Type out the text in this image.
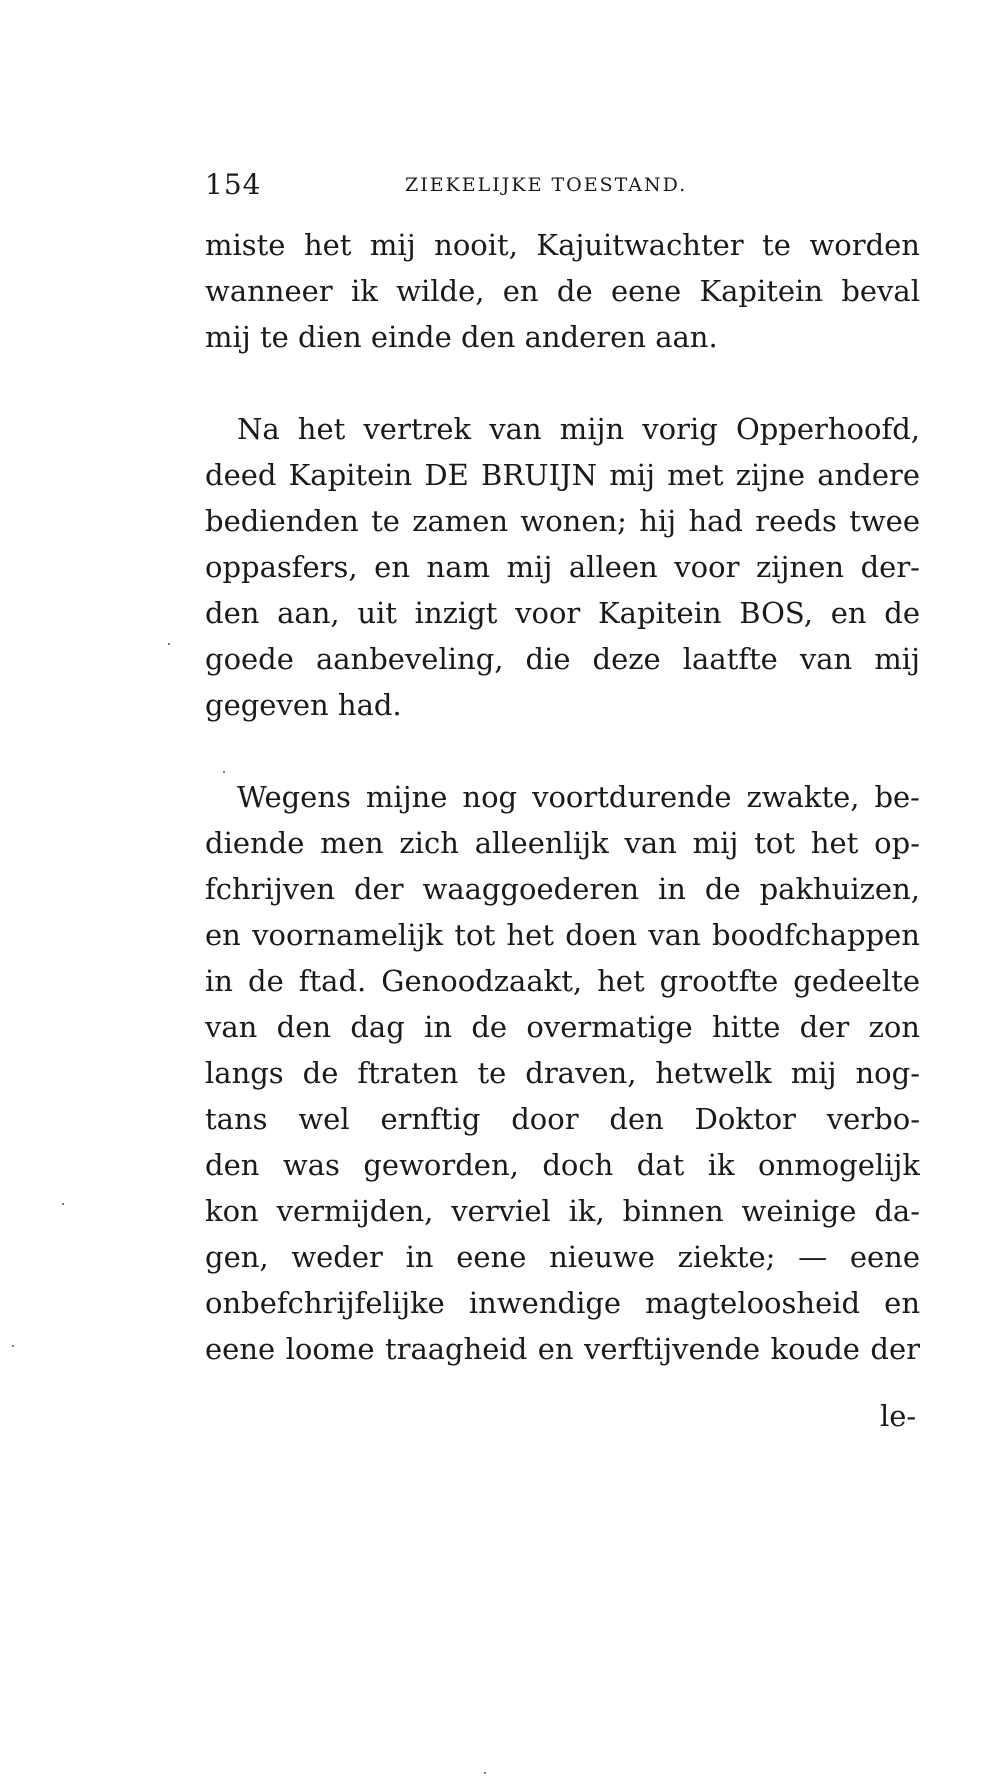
154	ZIEKELIJKE TOESTAND.
miste het mij nooit, Kajuitwachter te worden
wanneer ik wilde, en de eene Kapitein beval
mij te dien einde den anderen aan.
Na het vertrek van mijn vorig Opperhoofd,
deed Kapitein DE BRUIJN mij met zijne andere
bedienden te zamen wonen; hij had reeds twee
oppasfers, en nam mij alleen voor zijnen der-
den aan, uit inzigt voor Kapitein BOS, en de
goede aanbeveling, die deze laatfte van mij
gegeven had.
Wegens mijne nog voortdurende zwakte, be-
diende men zich alleenlijk van mij tot het op-
fchrijven der waaggoederen in de pakhuizen,
en voornamelijk tot het doen van boodfchappen
in de ftad. Genoodzaakt, het grootfte gedeelte
van den dag in de overmatige hitte der zon
langs de ftraten te draven, hetwelk mij nog-
tans wel ernftig door den Doktor verbo-
den was geworden, doch dat ik onmogelijk
kon vermijden, verviel ik, binnen weinige da-
gen, weder in eene nieuwe ziekte; — eene
onbefchrijfelijke inwendige magteloosheid en
eene loome traagheid en verftijvende koude der
le-
